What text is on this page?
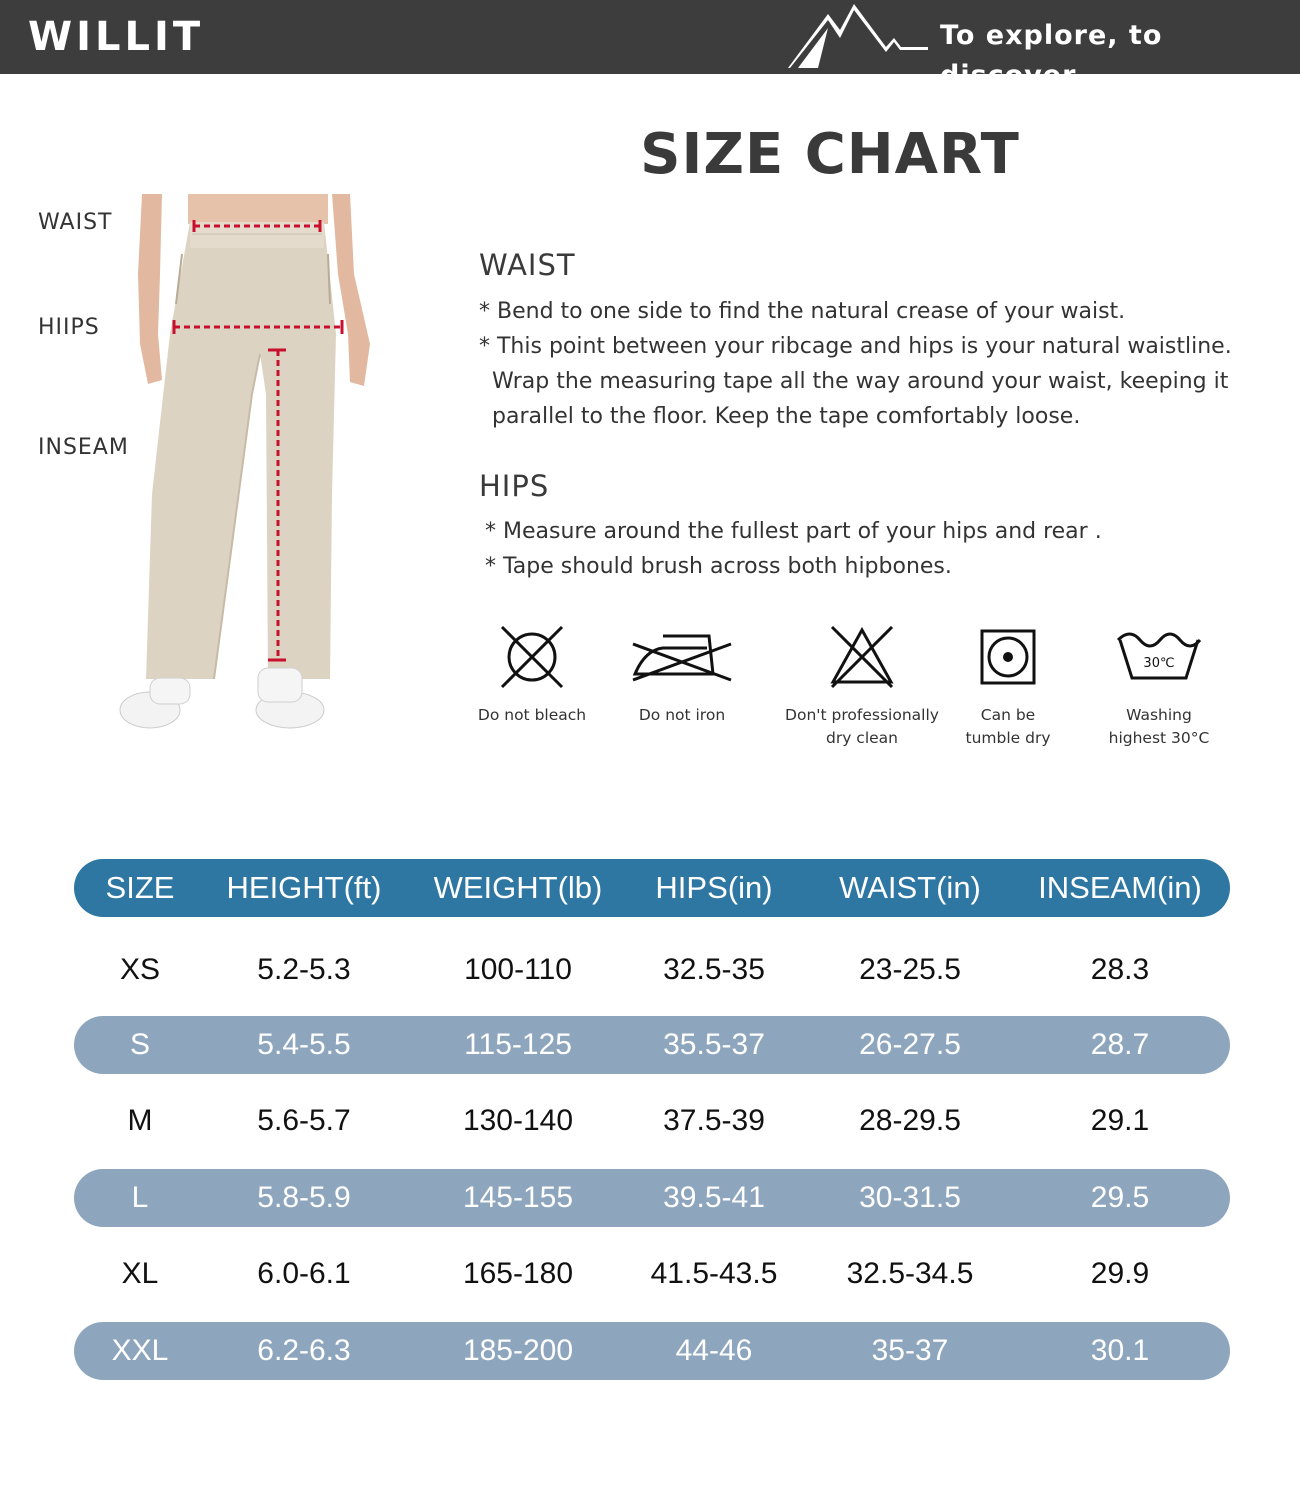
WILLIT	To explore, to discover
SIZE CHART
WAIST
HIIPS
INSEAM
WAIST
* Bend to one side to find the natural crease of your waist.
* This point between your ribcage and hips is your natural waistline.
Wrap the measuring tape all the way around your waist, keeping it
parallel to the floor. Keep the tape comfortably loose.
HIPS
* Measure around the fullest part of your hips and rear .
* Tape should brush across both hipbones.
Do not bleach	Do not iron	Don't professionally
dry clean
Can be
tumble dry
30℃
Washing
highest 30°C
SIZE	HEIGHT(ft)	WEIGHT(lb)	HIPS(in)	WAIST(in)	INSEAM(in)
XS	5.2-5.3	100-110	32.5-35	23-25.5	28.3
S	5.4-5.5	115-125	35.5-37	26-27.5	28.7
M	5.6-5.7	130-140	37.5-39	28-29.5	29.1
L	5.8-5.9	145-155	39.5-41	30-31.5	29.5
XL	6.0-6.1	165-180	41.5-43.5	32.5-34.5	29.9
XXL	6.2-6.3	185-200	44-46	35-37	30.1
